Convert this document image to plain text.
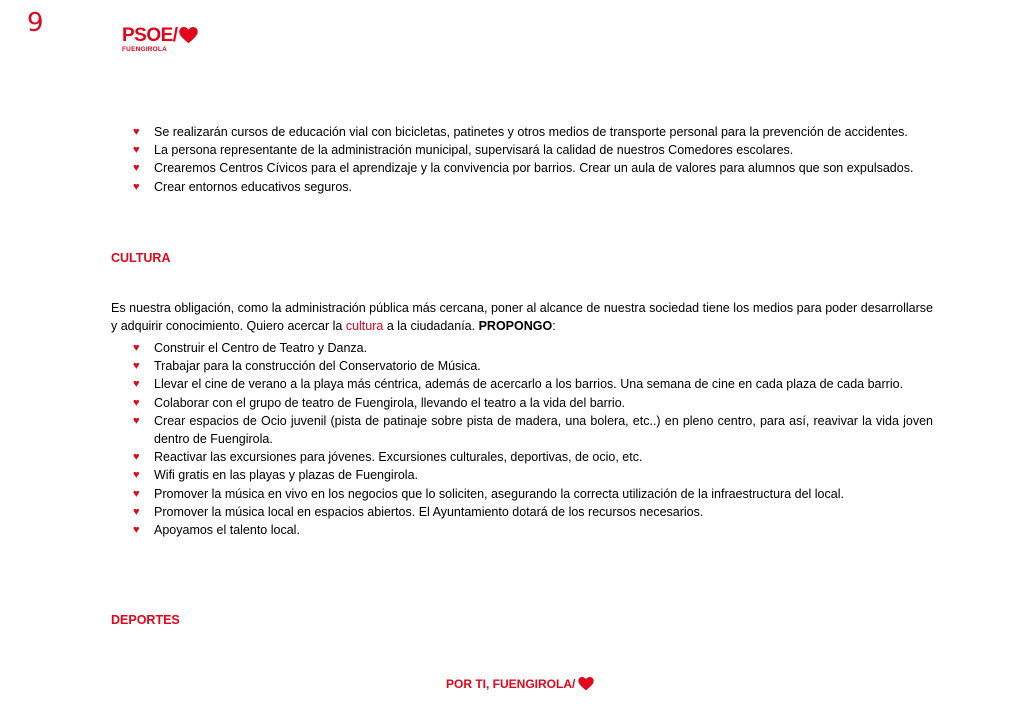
9	PSOE/
FUENGIROLA
♥ Se realizarán cursos de educación vial con bicicletas, patinetes y otros medios de transporte personal para la prevención de accidentes.
♥ La persona representante de la administración municipal, supervisará la calidad de nuestros Comedores escolares.
♥ Crearemos Centros Cívicos para el aprendizaje y la convivencia por barrios. Crear un aula de valores para alumnos que son expulsados.
♥ Crear entornos educativos seguros.
CULTURA

Es nuestra obligación, como la administración pública más cercana, poner al alcance de nuestra sociedad tiene los medios para poder desarrollarse y adquirir conocimiento. Quiero acercar la cultura a la ciudadanía. PROPONGO:

♥ Construir el Centro de Teatro y Danza.
♥ Trabajar para la construcción del Conservatorio de Música.
♥ Llevar el cine de verano a la playa más céntrica, además de acercarlo a los barrios. Una semana de cine en cada plaza de cada barrio.
♥ Colaborar con el grupo de teatro de Fuengirola, llevando el teatro a la vida del barrio.
♥ Crear espacios de Ocio juvenil (pista de patinaje sobre pista de madera, una bolera, etc..) en pleno centro, para así, reavivar la vida joven dentro de Fuengirola.
♥ Reactivar las excursiones para jóvenes. Excursiones culturales, deportivas, de ocio, etc.
♥ Wifi gratis en las playas y plazas de Fuengirola.
♥ Promover la música en vivo en los negocios que lo soliciten, asegurando la correcta utilización de la infraestructura del local.
♥ Promover la música local en espacios abiertos. El Ayuntamiento dotará de los recursos necesarios.
♥ Apoyamos el talento local.
DEPORTES
POR TI, FUENGIROLA/
